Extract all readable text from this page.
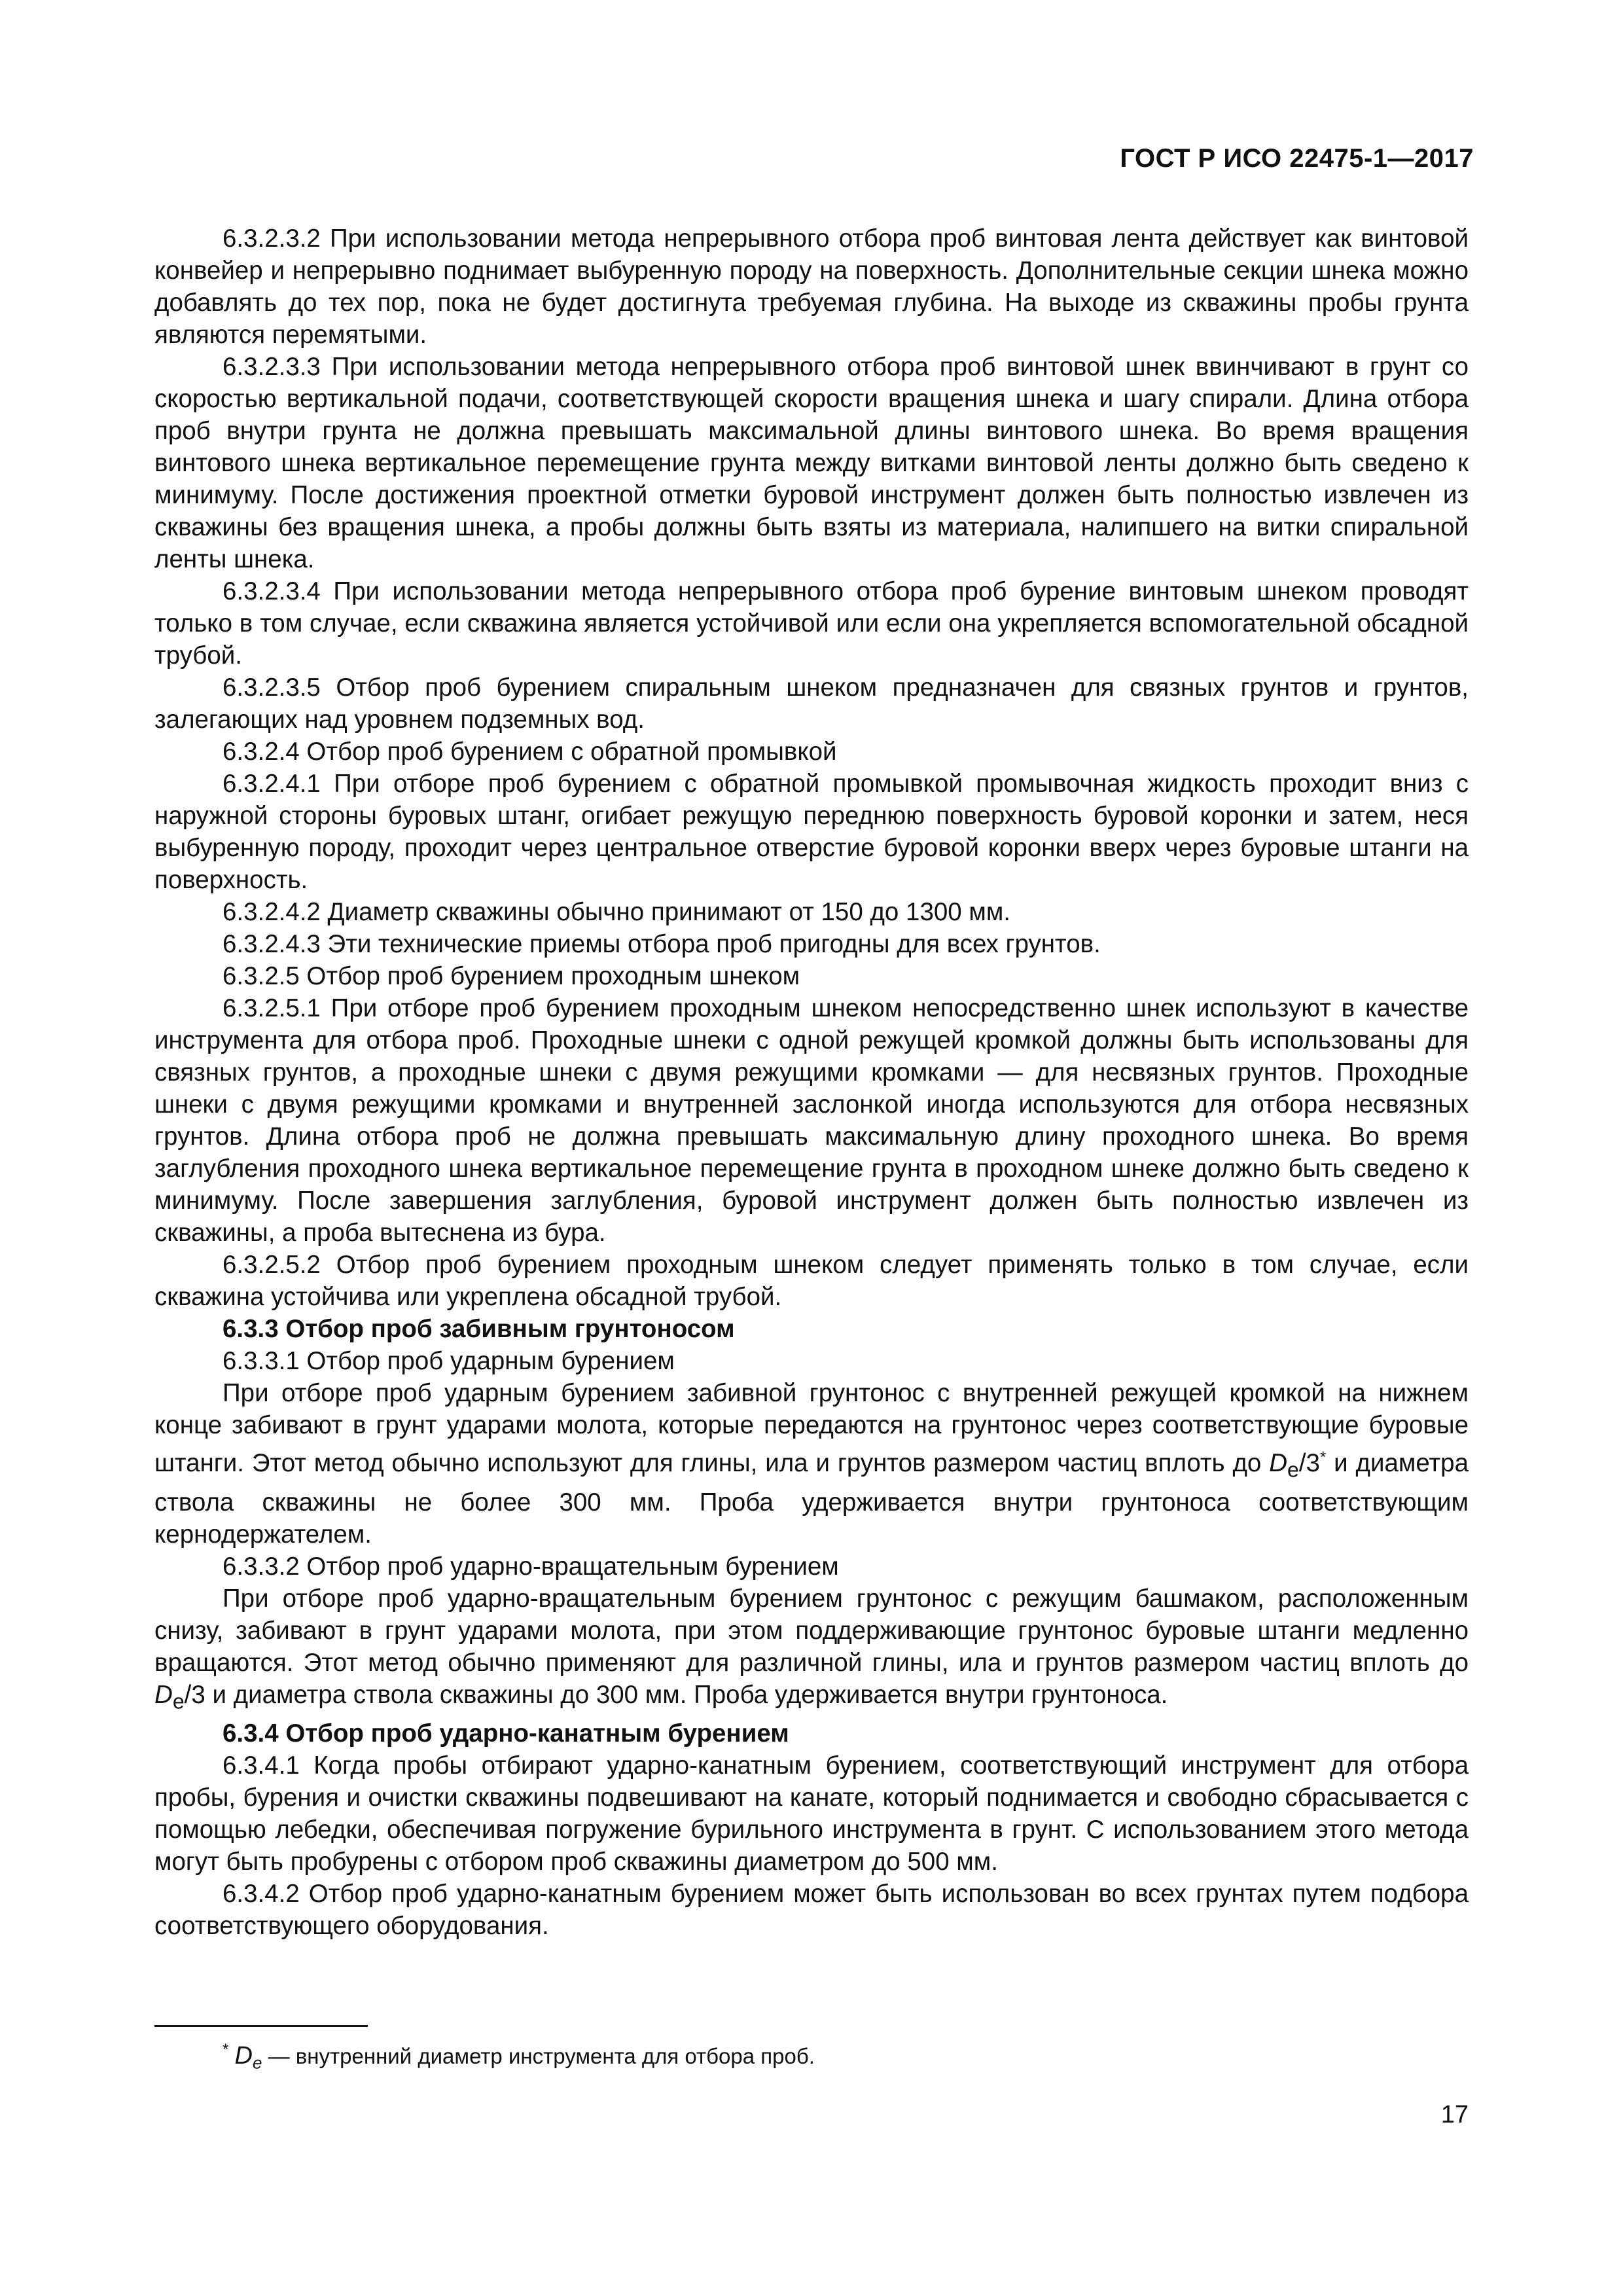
ГОСТ Р ИСО 22475-1—2017

6.3.2.3.2 При использовании метода непрерывного отбора проб винтовая лента действует как винтовой конвейер и непрерывно поднимает выбуренную породу на поверхность. Дополнительные секции шнека можно добавлять до тех пор, пока не будет достигнута требуемая глубина. На выходе из скважины пробы грунта являются перемятыми.

6.3.2.3.3 При использовании метода непрерывного отбора проб винтовой шнек ввинчивают в грунт со скоростью вертикальной подачи, соответствующей скорости вращения шнека и шагу спирали. Длина отбора проб внутри грунта не должна превышать максимальной длины винтового шнека. Во время вращения винтового шнека вертикальное перемещение грунта между витками винтовой ленты должно быть сведено к минимуму. После достижения проектной отметки буровой инструмент должен быть полностью извлечен из скважины без вращения шнека, а пробы должны быть взяты из материала, налипшего на витки спиральной ленты шнека.

6.3.2.3.4 При использовании метода непрерывного отбора проб бурение винтовым шнеком проводят только в том случае, если скважина является устойчивой или если она укрепляется вспомогательной обсадной трубой.

6.3.2.3.5 Отбор проб бурением спиральным шнеком предназначен для связных грунтов и грунтов, залегающих над уровнем подземных вод.

6.3.2.4 Отбор проб бурением с обратной промывкой

6.3.2.4.1 При отборе проб бурением с обратной промывкой промывочная жидкость проходит вниз с наружной стороны буровых штанг, огибает режущую переднюю поверхность буровой коронки и затем, неся выбуренную породу, проходит через центральное отверстие буровой коронки вверх через буровые штанги на поверхность.

6.3.2.4.2 Диаметр скважины обычно принимают от 150 до 1300 мм.

6.3.2.4.3 Эти технические приемы отбора проб пригодны для всех грунтов.

6.3.2.5 Отбор проб бурением проходным шнеком

6.3.2.5.1 При отборе проб бурением проходным шнеком непосредственно шнек используют в качестве инструмента для отбора проб. Проходные шнеки с одной режущей кромкой должны быть использованы для связных грунтов, а проходные шнеки с двумя режущими кромками — для несвязных грунтов. Проходные шнеки с двумя режущими кромками и внутренней заслонкой иногда используются для отбора несвязных грунтов. Длина отбора проб не должна превышать максимальную длину проходного шнека. Во время заглубления проходного шнека вертикальное перемещение грунта в проходном шнеке должно быть сведено к минимуму. После завершения заглубления, буровой инструмент должен быть полностью извлечен из скважины, а проба вытеснена из бура.

6.3.2.5.2 Отбор проб бурением проходным шнеком следует применять только в том случае, если скважина устойчива или укреплена обсадной трубой.

6.3.3 Отбор проб забивным грунтоносом

6.3.3.1 Отбор проб ударным бурением

При отборе проб ударным бурением забивной грунтонос с внутренней режущей кромкой на нижнем конце забивают в грунт ударами молота, которые передаются на грунтонос через соответствующие буровые штанги. Этот метод обычно используют для глины, ила и грунтов размером частиц вплоть до $D_e/3^*$ и диаметра ствола скважины не более 300 мм. Проба удерживается внутри грунтоноса соответствующим кернодержателем.

6.3.3.2 Отбор проб ударно-вращательным бурением

При отборе проб ударно-вращательным бурением грунтонос с режущим башмаком, расположенным снизу, забивают в грунт ударами молота, при этом поддерживающие грунтонос буровые штанги медленно вращаются. Этот метод обычно применяют для различной глины, ила и грунтов размером частиц вплоть до $D_e/3$ и диаметра ствола скважины до 300 мм. Проба удерживается внутри грунтоноса.

6.3.4 Отбор проб ударно-канатным бурением

6.3.4.1 Когда пробы отбирают ударно-канатным бурением, соответствующий инструмент для отбора пробы, бурения и очистки скважины подвешивают на канате, который поднимается и свободно сбрасывается с помощью лебедки, обеспечивая погружение бурильного инструмента в грунт. С использованием этого метода могут быть пробурены с отбором проб скважины диаметром до 500 мм.

6.3.4.2 Отбор проб ударно-канатным бурением может быть использован во всех грунтах путем подбора соответствующего оборудования.

* $D_e$ — внутренний диаметр инструмента для отбора проб.
17
